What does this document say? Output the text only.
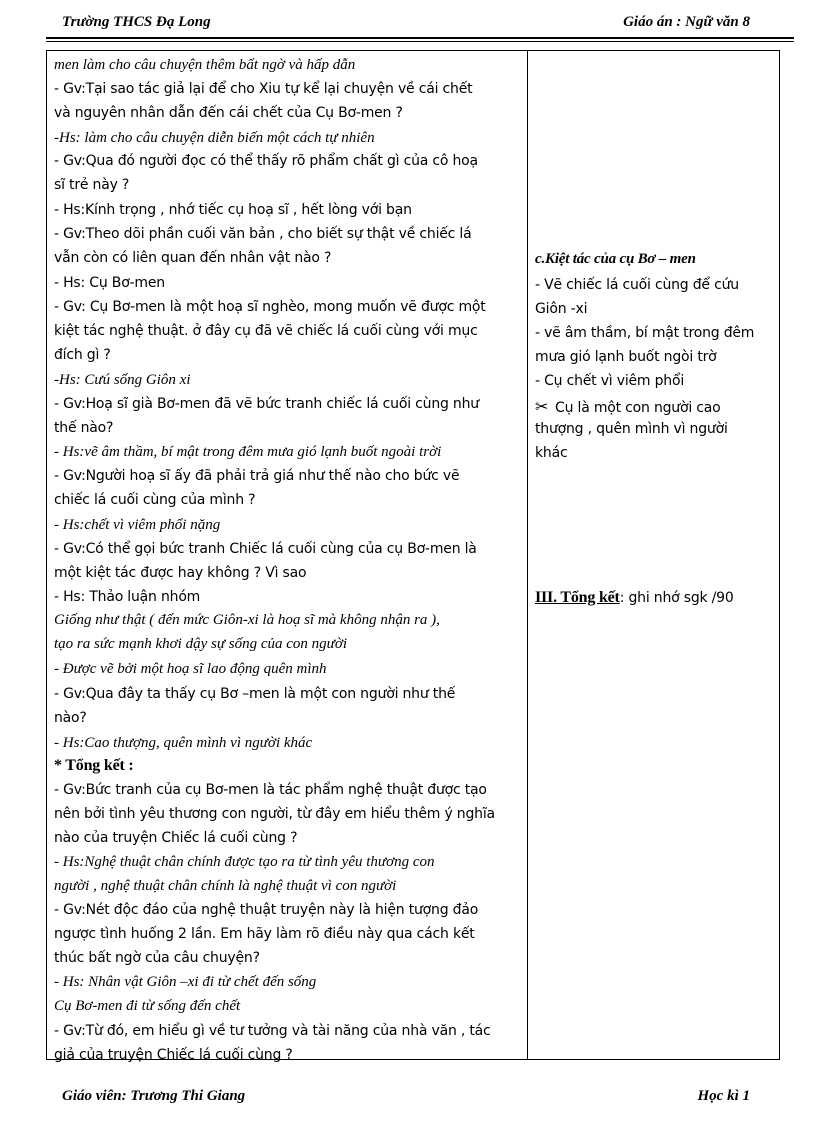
Trường THCS Đạ Long	Giáo án : Ngữ văn 8
men làm cho câu chuyện thêm bất ngờ và hấp dẫn
- Gv:Tại sao tác giả lại để cho Xiu tự kể lại chuyện về cái chết
và nguyên nhân dẫn đến cái chết của Cụ Bơ-men ?
-Hs: làm cho câu chuyện diễn biến một cách tự nhiên
- Gv:Qua đó người đọc có thể thấy rõ phẩm chất gì của cô hoạ
sĩ trẻ này ?
- Hs:Kính trọng , nhớ tiếc cụ hoạ sĩ , hết lòng với bạn
- Gv:Theo dõi phần cuối văn bản , cho biết sự thật về chiếc lá
vẫn còn có liên quan đến nhân vật nào ?
- Hs: Cụ Bơ-men
- Gv: Cụ Bơ-men là một hoạ sĩ nghèo, mong muốn vẽ được một
kiệt tác nghệ thuật. ở đây cụ đã vẽ chiếc lá cuối cùng với mục
đích gì ?
-Hs: Cưú sống Giôn xi
- Gv:Hoạ sĩ già Bơ-men đã vẽ bức tranh chiếc lá cuối cùng như
thế nào?
- Hs:vẽ âm thầm, bí mật trong đêm mưa gió lạnh buốt ngoài trời
- Gv:Người hoạ sĩ ấy đã phải trả giá như thế nào cho bức vẽ
chiếc lá cuối cùng của mình ?
- Hs:chết vì viêm phổi nặng
- Gv:Có thể gọi bức tranh Chiếc lá cuối cùng của cụ Bơ-men là
một kiệt tác được hay không ? Vì sao
- Hs: Thảo luận nhóm
Giống như thật ( đến mức Giôn-xi là hoạ sĩ mà không nhận ra ),
tạo ra sức mạnh khơi dậy sự sống của con người
- Được vẽ bởi một hoạ sĩ lao động quên mình
- Gv:Qua đây ta thấy cụ Bơ –men là một con người như thế
nào?
- Hs:Cao thượng, quên mình vì người khác
* Tổng kết :
- Gv:Bức tranh của cụ Bơ-men là tác phẩm nghệ thuật được tạo
nên bởi tình yêu thương con người, từ đây em hiểu thêm ý nghĩa
nào của truyện Chiếc lá cuối cùng ?
- Hs:Nghệ thuật chân chính được tạo ra từ tình yêu thương con
người , nghệ thuật chân chính là nghệ thuật vì con người
- Gv:Nét độc đáo của nghệ thuật truyện này là hiện tượng đảo
ngược tình huống 2 lần. Em hãy làm rõ điều này qua cách kết
thúc bất ngờ của câu chuyện?
- Hs: Nhân vật Giôn –xi đi từ chết đến sống
Cụ Bơ-men đi từ sống đến chết
- Gv:Từ đó, em hiểu gì về tư tưởng và tài năng của nhà văn , tác
giả của truyện Chiếc lá cuối cùng ?
c.Kiệt tác của cụ Bơ – men
- Vẽ chiếc lá cuối cùng để cứu
Giôn -xi
- vẽ âm thầm, bí mật trong đêm
mưa gió lạnh buốt ngòi trờ
- Cụ chết vì viêm phổi
✂ Cụ là một con người cao
thượng , quên mình vì người
khác
III. Tổng kết: ghi nhớ sgk /90
Giáo viên: Trương Thi Giang	Học kì 1
